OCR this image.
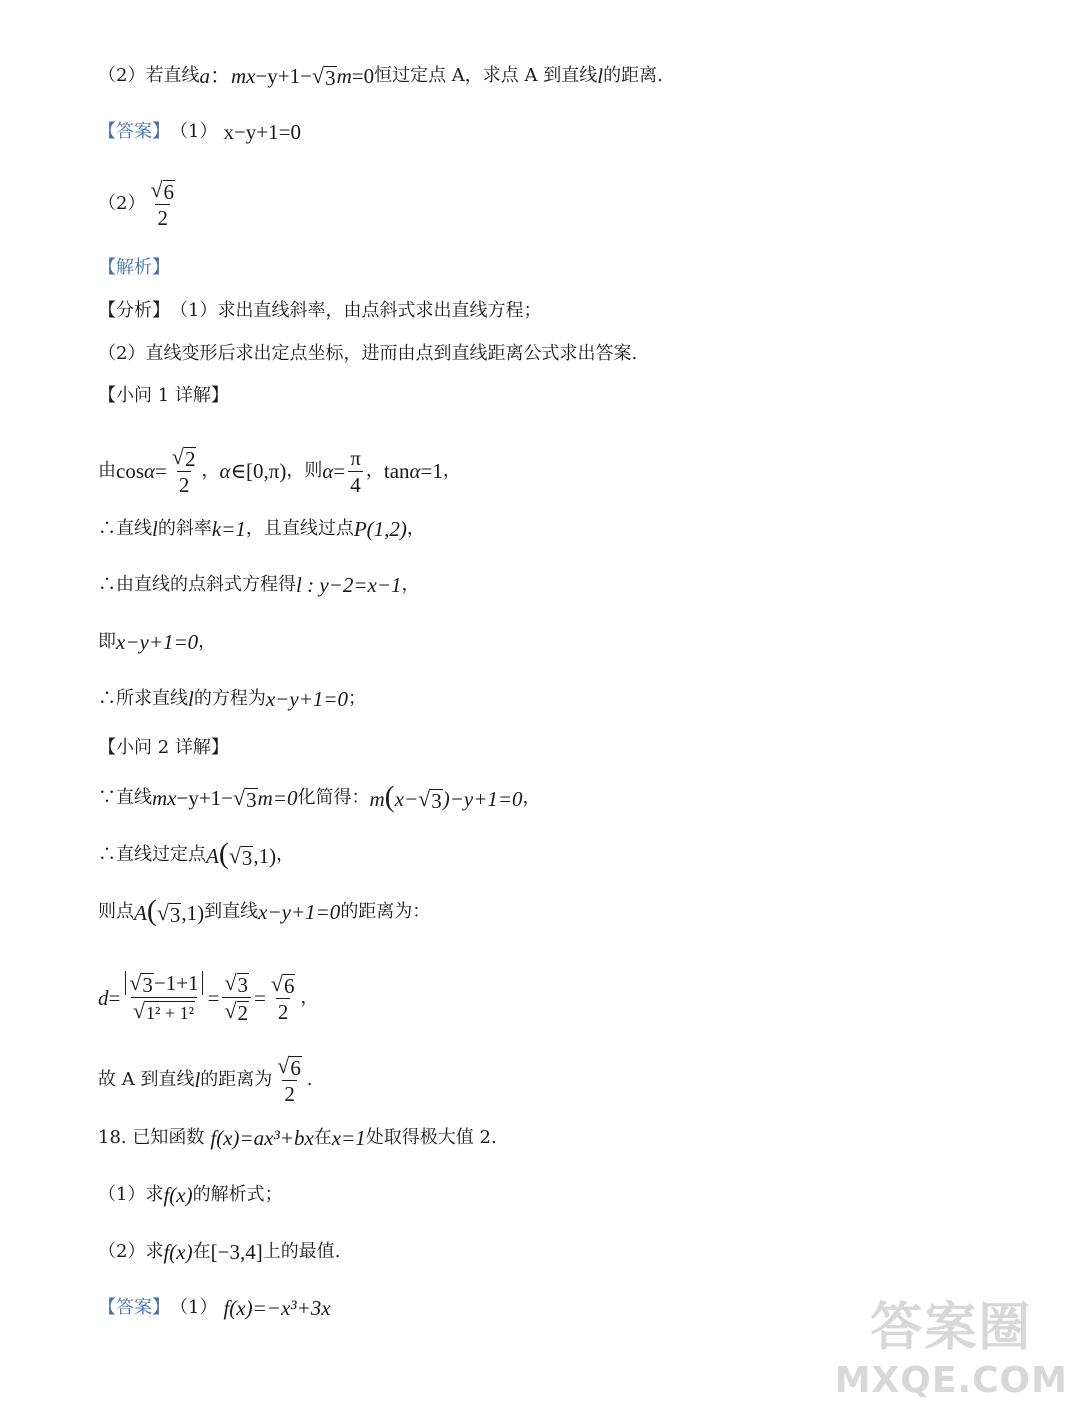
（2）若直线 a：mx−y+1− √ 3 m=0 恒过定点 A，求点 A 到直线 l 的距离.
【答案】 （1） x−y+1=0
$(2) \frac{√ 6}{2}$
【解析】
【分析】 （1）求出直线斜率，由点斜式求出直线方程；
（2）直线变形后求出定点坐标，进而由点到直线距离公式求出答案.
【小问 1 详解】
由 $\cos\alpha= \frac{√ 2}{2}$ ， α∈[0,π) ，则 $\alpha= \frac{\pi}{4}$ ， tanα=1 ，
∴直线 l 的斜率 k=1 ，且直线过点 P(1,2) ，
∴由直线的点斜式方程得 l : y−2=x−1 ，
即 x−y+1=0 ，
∴所求直线 l 的方程为 x−y+1=0 ；
【小问 2 详解】
∵直线 mx−y+1− √ 3 m=0 化简得： m(x− √ 3 )−y+1=0 ，
∴直线过定点 A( √ 3 ,1) ，
则点 A( √ 3 ,1) 到直线 x−y+1=0 的距离为：
$d= \frac{√ 3 -1+1}{\text{√ 1² + 1²}} = \frac{√ 3}{√ 2} = \frac{√ 6}{2}$ ，
故 A 到直线 l 的距离为 $\frac{√ 6}{2}$ .
18. 已知函数 f(x)=ax³+bx 在 x=1 处取得极大值 2.
（1）求 f(x) 的解析式；
（2）求 f(x) 在 [−3,4] 上的最值.
【答案】 （1） f(x)=−x³+3x	答案圈
MXQE.COM
